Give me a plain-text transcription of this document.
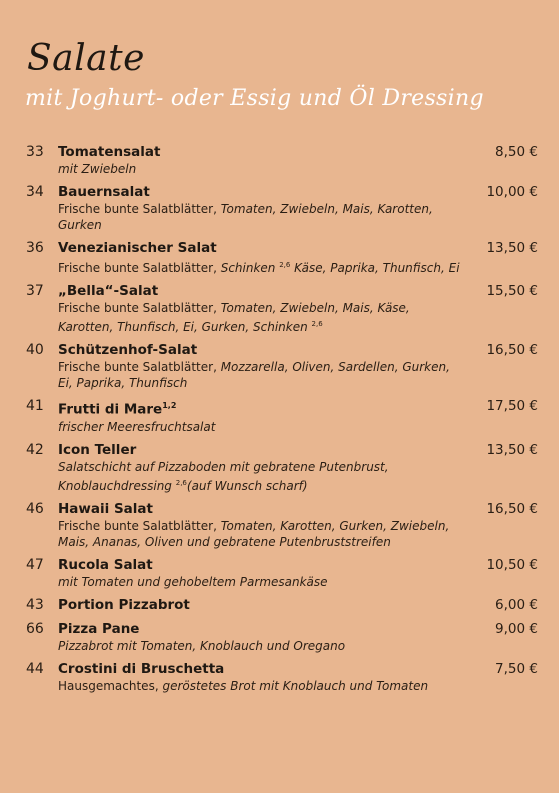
Salate
mit Joghurt- oder Essig und Öl Dressing
33 Tomatensalat	8,50 €
mit Zwiebeln
34 Bauernsalat	10,00 €
Frische bunte Salatblätter, Tomaten, Zwiebeln, Mais, Karotten, Gurken
36 Venezianischer Salat	13,50 €
Frische bunte Salatblätter, Schinken $^{2,6}$ Käse, Paprika, Thunfisch, Ei
37 „Bella“-Salat	15,50 €
Frische bunte Salatblätter, Tomaten, Zwiebeln, Mais, Käse, Karotten, Thunfisch, Ei, Gurken, Schinken $^{2,6}$
40 Schützenhof-Salat	16,50 €
Frische bunte Salatblätter, Mozzarella, Oliven, Sardellen, Gurken, Ei, Paprika, Thunfisch
41 Frutti di Mare$^{1,2}$	17,50 €
frischer Meeresfruchtsalat
42 Icon Teller	13,50 €
Salatschicht auf Pizzaboden mit gebratene Putenbrust, Knoblauchdressing $^{2,6}$(auf Wunsch scharf)
46 Hawaii Salat	16,50 €
Frische bunte Salatblätter, Tomaten, Karotten, Gurken, Zwiebeln, Mais, Ananas, Oliven und gebratene Putenbruststreifen
47 Rucola Salat	10,50 €
mit Tomaten und gehobeltem Parmesankäse
43 Portion Pizzabrot	6,00 €
66 Pizza Pane	9,00 €
Pizzabrot mit Tomaten, Knoblauch und Oregano
44 Crostini di Bruschetta	7,50 €
Hausgemachtes, geröstetes Brot mit Knoblauch und Tomaten
